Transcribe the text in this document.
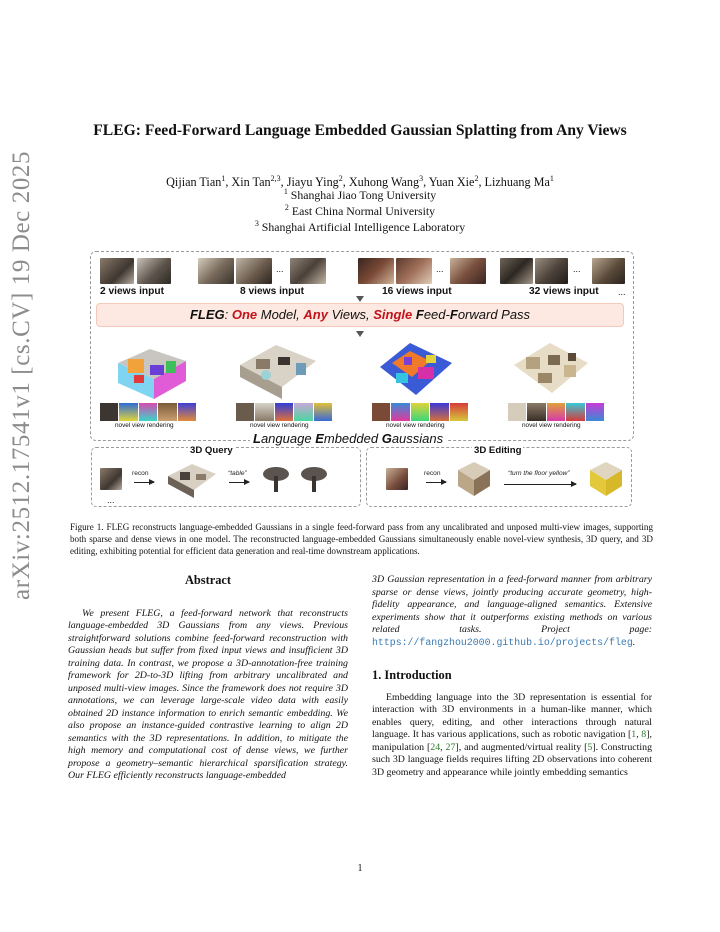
arXiv:2512.17541v1 [cs.CV] 19 Dec 2025
FLEG: Feed-Forward Language Embedded Gaussian Splatting from Any Views
Qijian Tian$^1$, Xin Tan$^{2,3}$, Jiayu Ying$^2$, Xuhong Wang$^3$, Yuan Xie$^2$, Lizhuang Ma$^1$
$^1$ Shanghai Jiao Tong University
$^2$ East China Normal University
$^3$ Shanghai Artificial Intelligence Laboratory
2 views input
...
8 views input
...
16 views input
...
32 views input ...
FLEG: One Model, Any Views, Single Feed-Forward Pass
novel view rendering	novel view rendering	novel view rendering	novel view rendering
Language Embedded Gaussians
3D Query
recon	“table”
...
3D Editing
recon	“turn the floor yellow”
Figure 1. FLEG reconstructs language-embedded Gaussians in a single feed-forward pass from any uncalibrated and unposed multi-view images, supporting both sparse and dense views in one model. The reconstructed language-embedded Gaussians simultaneously enable novel-view synthesis, 3D query, and 3D editing, exhibiting potential for efficient data generation and real-time downstream applications.
Abstract
We present FLEG, a feed-forward network that reconstructs language-embedded 3D Gaussians from any views. Previous straightforward solutions combine feed-forward reconstruction with Gaussian heads but suffer from fixed input views and insufficient 3D training data. In contrast, we propose a 3D-annotation-free training framework for 2D-to-3D lifting from arbitrary uncalibrated and unposed multi-view images. Since the framework does not require 3D annotations, we can leverage large-scale video data with easily obtained 2D instance information to enrich semantic embedding. We also propose an instance-guided contrastive learning to align 2D semantics with the 3D representations. In addition, to mitigate the high memory and computational cost of dense views, we further propose a geometry–semantic hierarchical sparsification strategy. Our FLEG efficiently reconstructs language-embedded
3D Gaussian representation in a feed-forward manner from arbitrary sparse or dense views, jointly producing accurate geometry, high-fidelity appearance, and language-aligned semantics. Extensive experiments show that it outperforms existing methods on various related tasks. Project page: https://fangzhou2000.github.io/projects/fleg.
1. Introduction
Embedding language into the 3D representation is essential for interaction with 3D environments in a human-like manner, which enables query, editing, and other interactions through natural language. It has various applications, such as robotic navigation [1, 8], manipulation [24, 27], and augmented/virtual reality [5]. Constructing such 3D language fields requires lifting 2D observations into coherent 3D geometry and appearance while jointly embedding semantics
1
